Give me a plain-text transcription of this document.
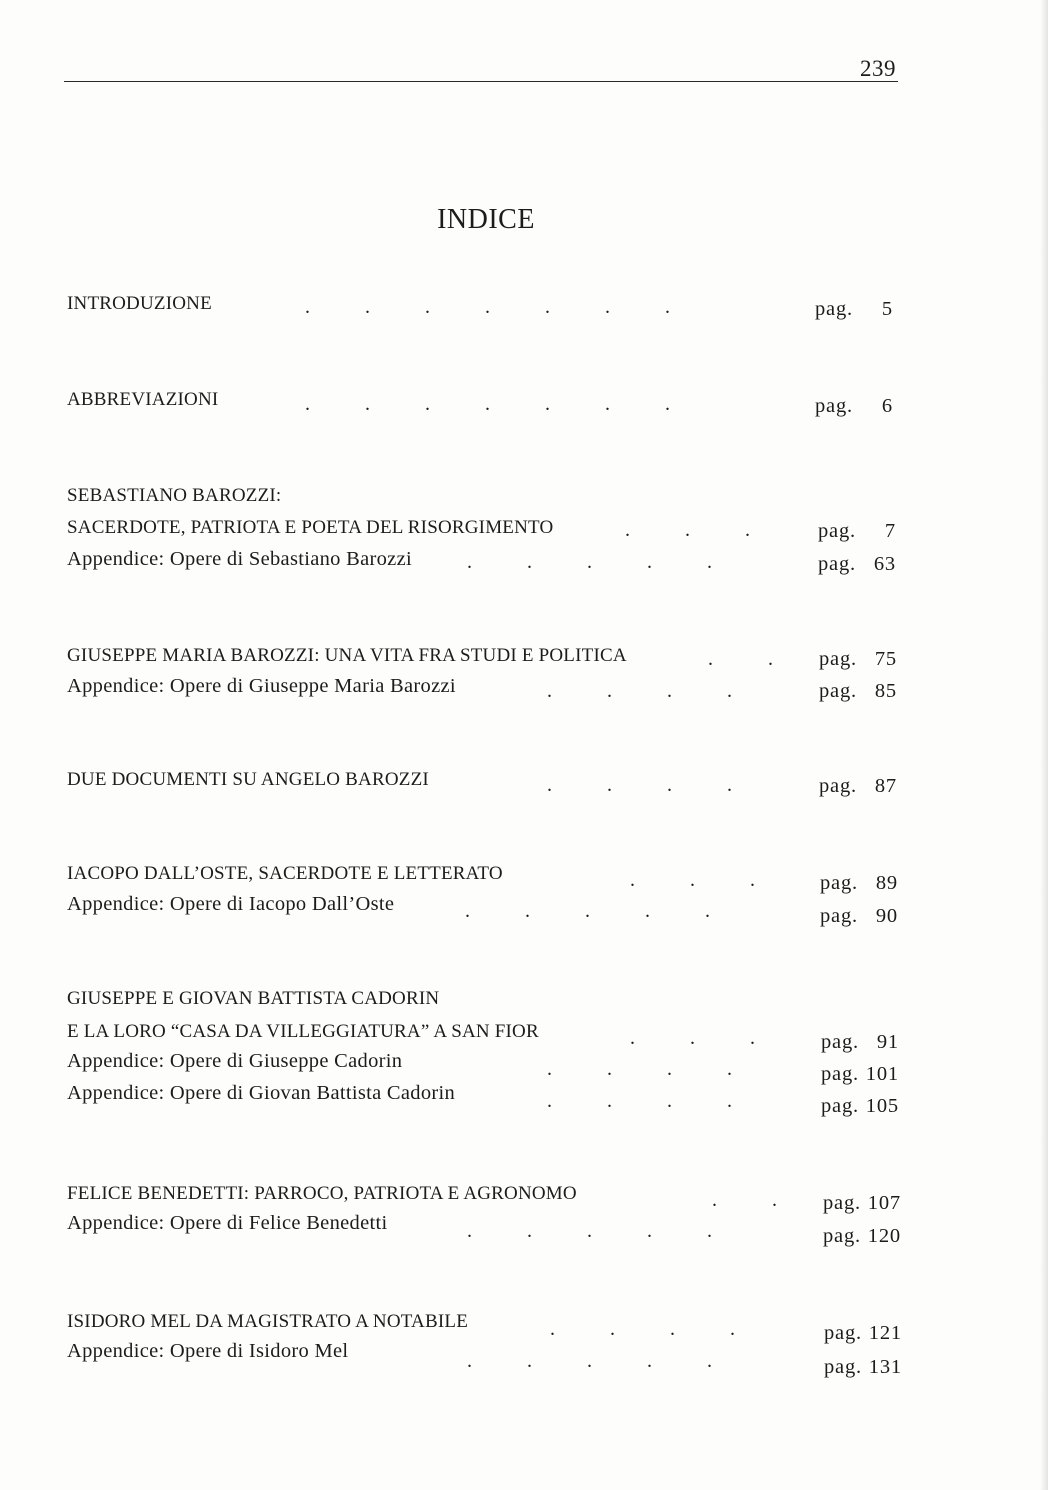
239
INDICE
INTRODUZIONE	.           .           .           .           .           .           .	pag. 5
ABBREVIAZIONI	.           .           .           .           .           .           .	pag. 6
SEBASTIANO BAROZZI:
SACERDOTE, PATRIOTA E POETA DEL RISORGIMENTO	.           .           .	pag. 7
Appendice: Opere di Sebastiano Barozzi	.           .           .           .           .	pag. 63
GIUSEPPE MARIA BAROZZI: UNA VITA FRA STUDI E POLITICA	.           . pag. 75
Appendice: Opere di Giuseppe Maria Barozzi	.           .           .           .	pag. 85
DUE DOCUMENTI SU ANGELO BAROZZI	.           .           .           .	pag. 87
IACOPO DALL’OSTE, SACERDOTE E LETTERATO	.           .           .	pag. 89
Appendice: Opere di Iacopo Dall’Oste	.           .           .           .           .	pag. 90
GIUSEPPE E GIOVAN BATTISTA CADORIN
E LA LORO “CASA DA VILLEGGIATURA” A SAN FIOR	.           .           .	pag. 91
Appendice: Opere di Giuseppe Cadorin	.           .           .           .	pag. 101
Appendice: Opere di Giovan Battista Cadorin	.           .           .           .	pag. 105
FELICE BENEDETTI: PARROCO, PATRIOTA E AGRONOMO	.           . pag. 107
Appendice: Opere di Felice Benedetti	.           .           .           .           .	pag. 120
ISIDORO MEL DA MAGISTRATO A NOTABILE	.           .           .           .	pag. 121
Appendice: Opere di Isidoro Mel	.           .           .           .           .	pag. 131
